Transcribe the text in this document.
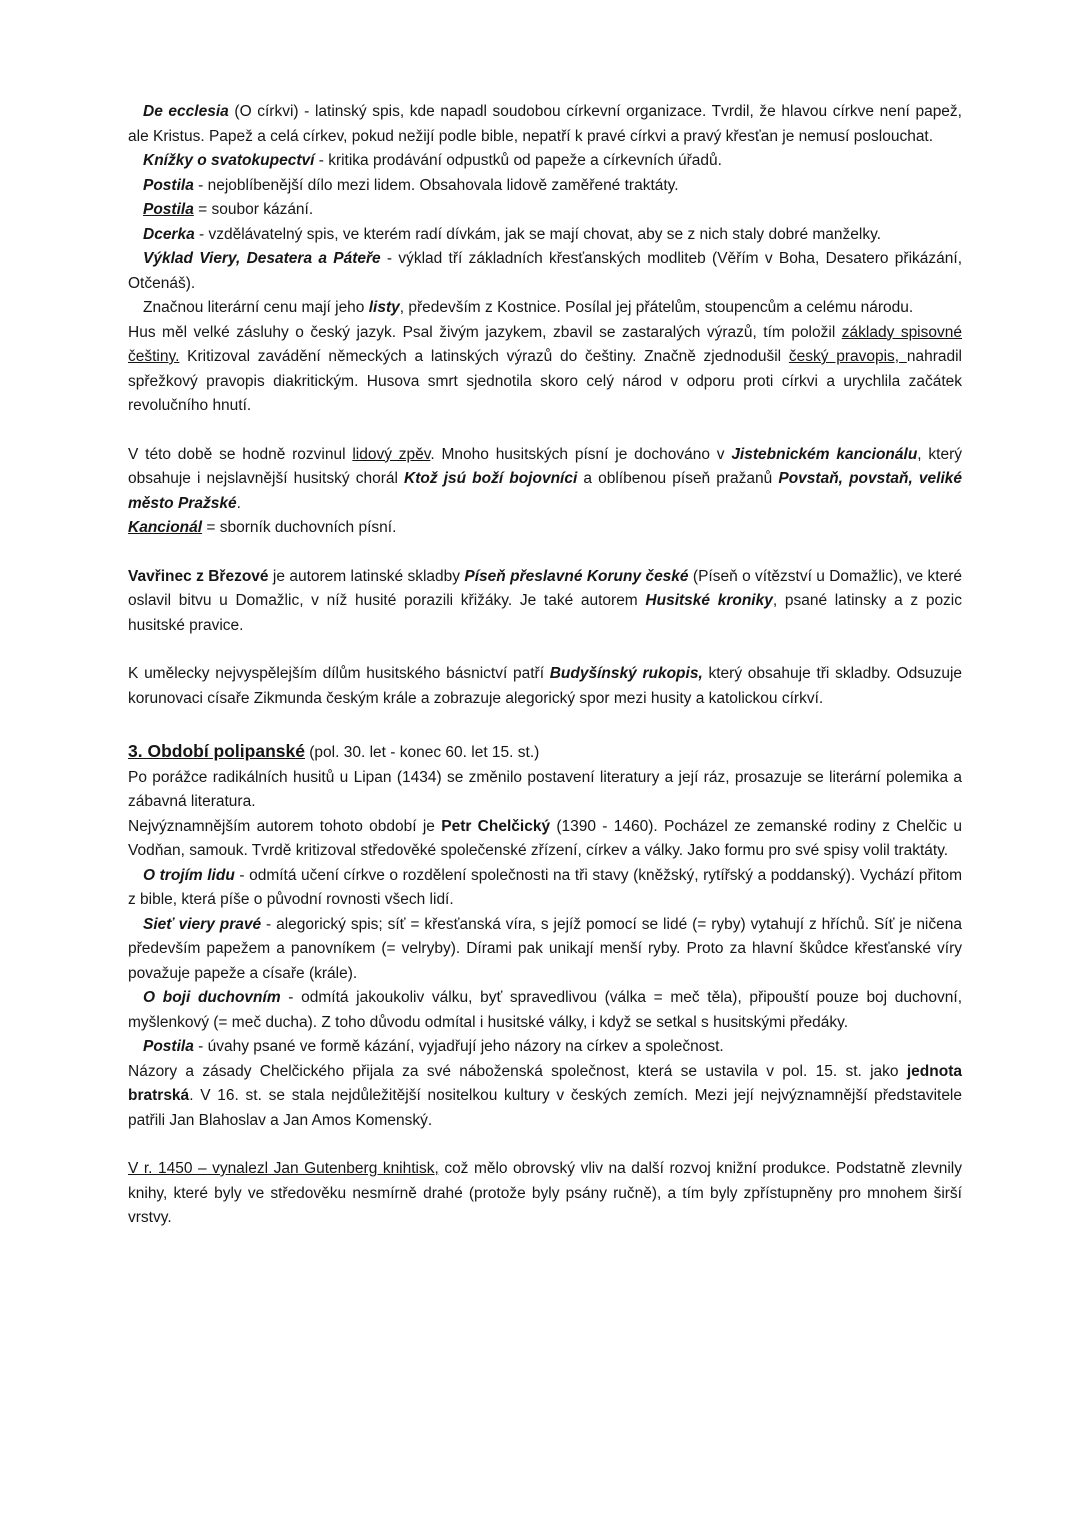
De ecclesia (O církvi) - latinský spis, kde napadl soudobou církevní organizace. Tvrdil, že hlavou církve není papež, ale Kristus. Papež a celá církev, pokud nežijí podle bible, nepatří k pravé církvi a pravý křesťan je nemusí poslouchat.

Knížky o svatokupectví - kritika prodávání odpustků od papeže a církevních úřadů.

Postila - nejoblíbenější dílo mezi lidem. Obsahovala lidově zaměřené traktáty.

Postila = soubor kázání.

Dcerka - vzdělávatelný spis, ve kterém radí dívkám, jak se mají chovat, aby se z nich staly dobré manželky.

Výklad Viery, Desatera a Páteře - výklad tří základních křesťanských modliteb (Věřím v Boha, Desatero přikázání, Otčenáš).

Značnou literární cenu mají jeho listy, především z Kostnice. Posílal jej přátelům, stoupencům a celému národu.

Hus měl velké zásluhy o český jazyk. Psal živým jazykem, zbavil se zastaralých výrazů, tím položil základy spisovné češtiny. Kritizoval zavádění německých a latinských výrazů do češtiny. Značně zjednodušil český pravopis, nahradil spřežkový pravopis diakritickým. Husova smrt sjednotila skoro celý národ v odporu proti církvi a urychlila začátek revolučního hnutí.

V této době se hodně rozvinul lidový zpěv. Mnoho husitských písní je dochováno v Jistebnickém kancionálu, který obsahuje i nejslavnější husitský chorál Ktož jsú boží bojovníci a oblíbenou píseň pražanů Povstaň, povstaň, veliké město Pražské.

Kancionál = sborník duchovních písní.

Vavřinec z Březové je autorem latinské skladby Píseň přeslavné Koruny české (Píseň o vítězství u Domažlic), ve které oslavil bitvu u Domažlic, v níž husité porazili křižáky. Je také autorem Husitské kroniky, psané latinsky a z pozic husitské pravice.

K umělecky nejvyspělejším dílům husitského básnictví patří Budyšínský rukopis, který obsahuje tři skladby. Odsuzuje korunovaci císaře Zikmunda českým krále a zobrazuje alegorický spor mezi husity a katolickou církví.

3. Období polipanské (pol. 30. let - konec 60. let 15. st.)

Po porážce radikálních husitů u Lipan (1434) se změnilo postavení literatury a její ráz, prosazuje se literární polemika a zábavná literatura.

Nejvýznamnějším autorem tohoto období je Petr Chelčický (1390 - 1460). Pocházel ze zemanské rodiny z Chelčic u Vodňan, samouk. Tvrdě kritizoval středověké společenské zřízení, církev a války. Jako formu pro své spisy volil traktáty.

O trojím lidu - odmítá učení církve o rozdělení společnosti na tři stavy (kněžský, rytířský a poddanský). Vychází přitom z bible, která píše o původní rovnosti všech lidí.

Sieť viery pravé - alegorický spis; síť = křesťanská víra, s jejíž pomocí se lidé (= ryby) vytahují z hříchů. Síť je ničena především papežem a panovníkem (= velryby). Dírami pak unikají menší ryby. Proto za hlavní škůdce křesťanské víry považuje papeže a císaře (krále).

O boji duchovním - odmítá jakoukoliv válku, byť spravedlivou (válka = meč těla), připouští pouze boj duchovní, myšlenkový (= meč ducha). Z toho důvodu odmítal i husitské války, i když se setkal s husitskými předáky.

Postila - úvahy psané ve formě kázání, vyjadřují jeho názory na církev a společnost.

Názory a zásady Chelčického přijala za své náboženská společnost, která se ustavila v pol. 15. st. jako jednota bratrská. V 16. st. se stala nejdůležitější nositelkou kultury v českých zemích. Mezi její nejvýznamnější představitele patřili Jan Blahoslav a Jan Amos Komenský.

V r. 1450 – vynalezl Jan Gutenberg knihtisk, což mělo obrovský vliv na další rozvoj knižní produkce. Podstatně zlevnily knihy, které byly ve středověku nesmírně drahé (protože byly psány ručně), a tím byly zpřístupněny pro mnohem širší vrstvy.
